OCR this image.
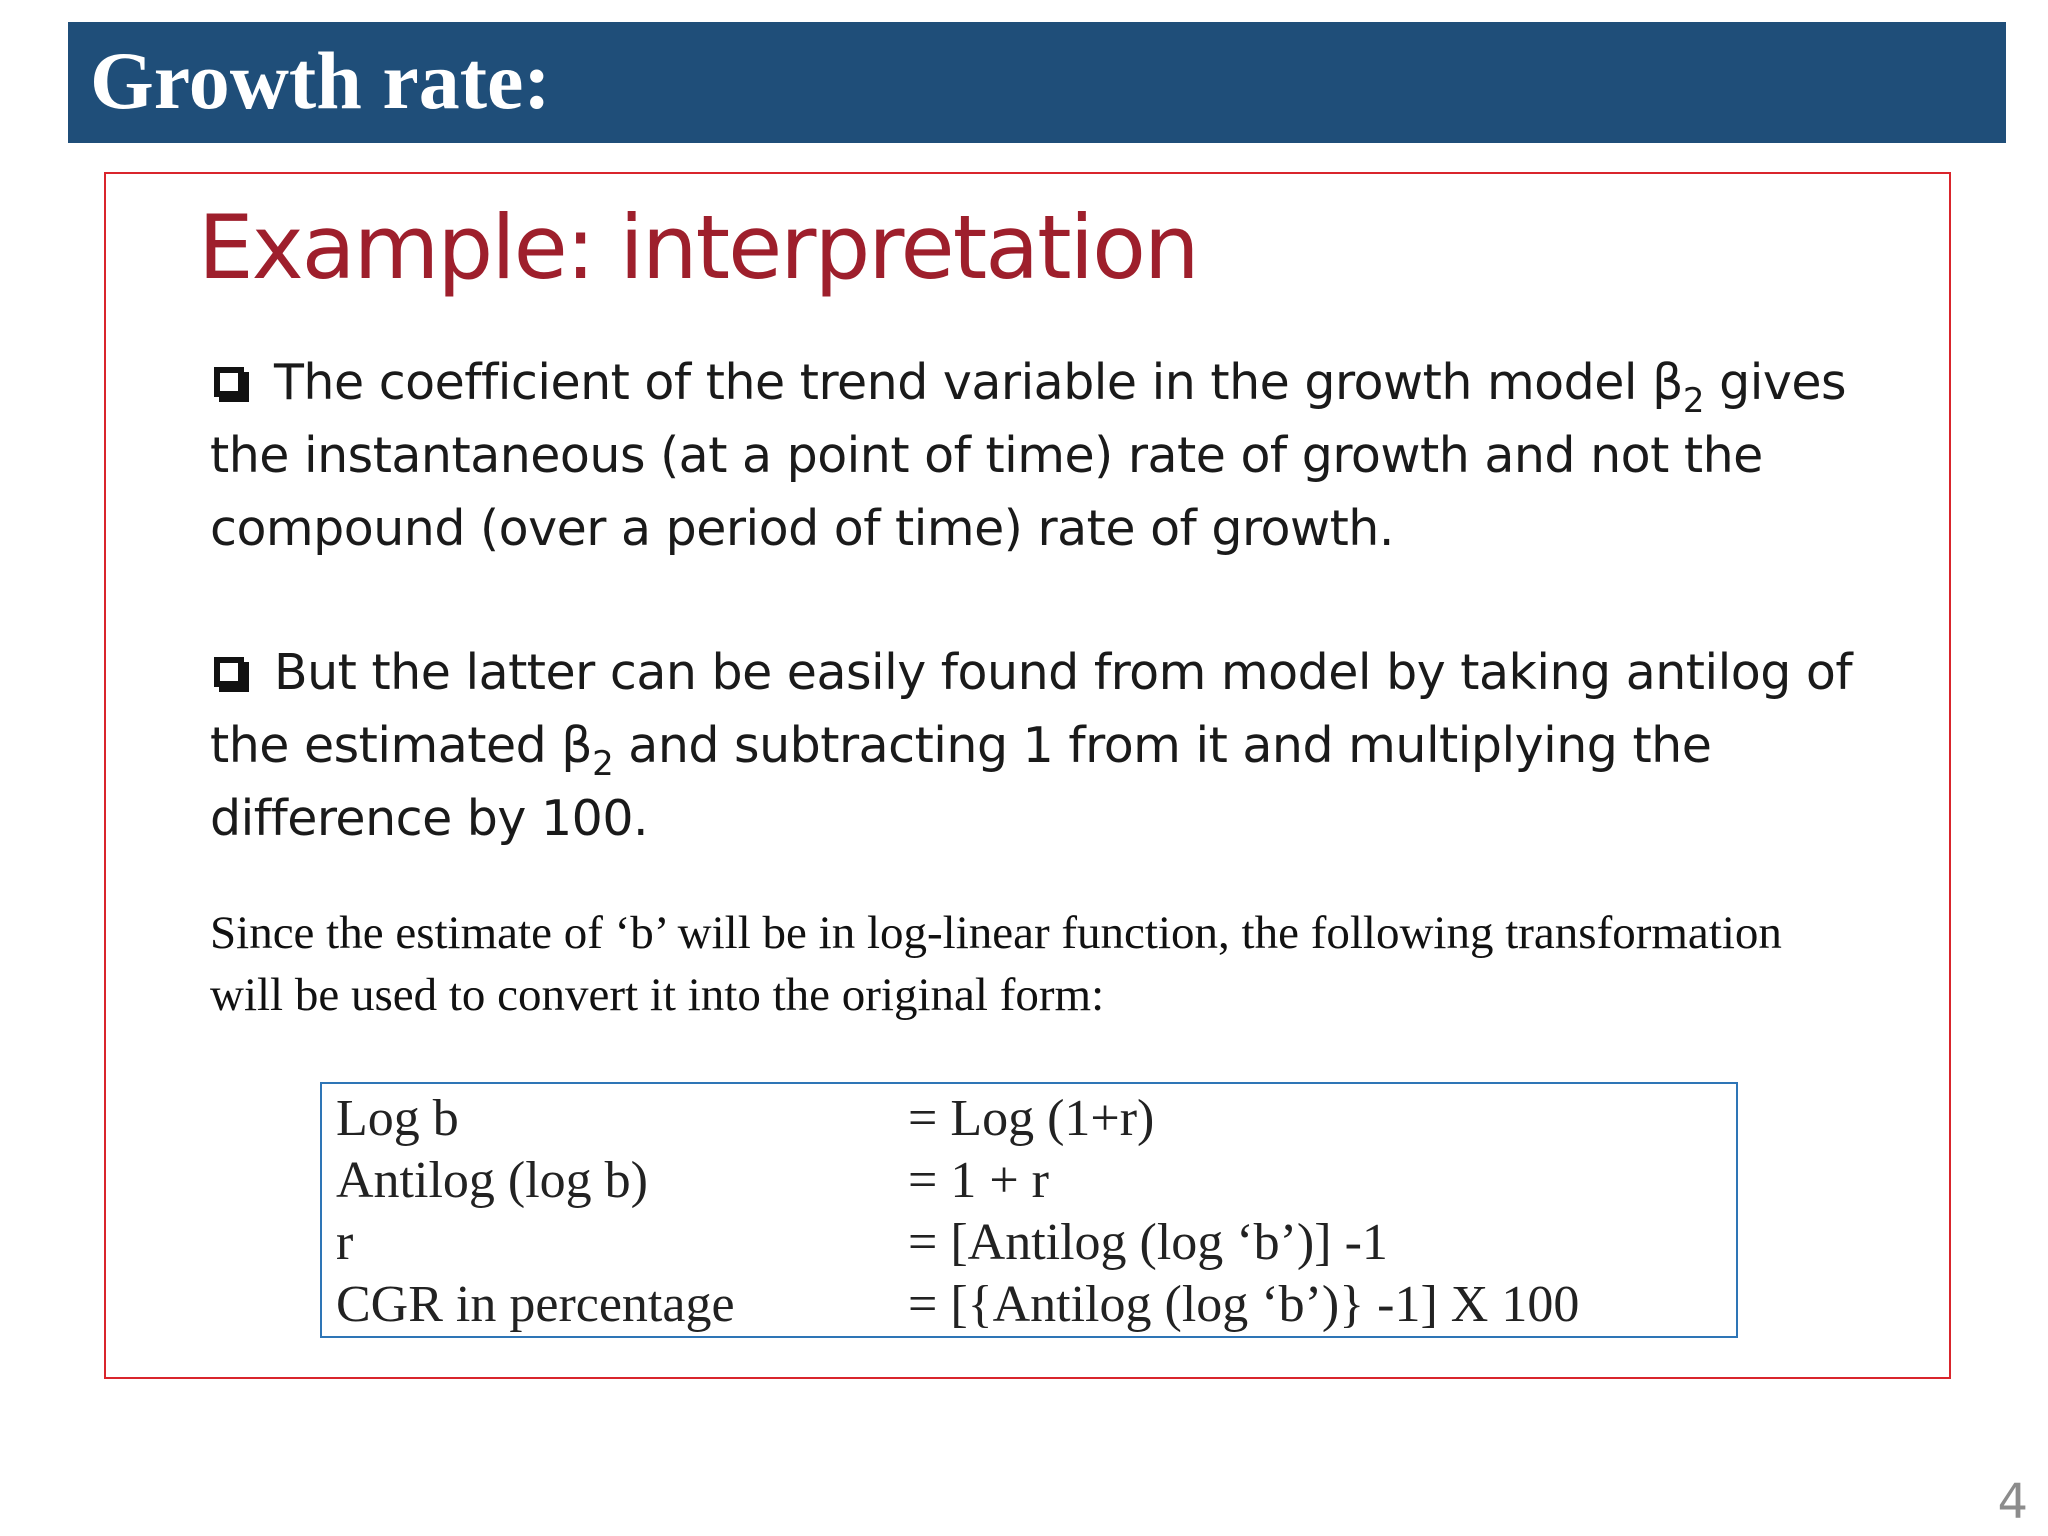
Growth rate:
Example: interpretation

The coefficient of the trend variable in the growth model $\beta_2$ gives the instantaneous (at a point of time) rate of growth and not the compound (over a period of time) rate of growth.

But the latter can be easily found from model by taking antilog of the estimated $\beta_2$ and subtracting 1 from it and multiplying the difference by 100.

Since the estimate of ‘b’ will be in log-linear function, the following transformation will be used to convert it into the original form:

Log b	= Log (1+r)
Antilog (log b)	= 1 + r
r	= [Antilog (log ‘b’)] -1
CGR in percentage	= [{Antilog (log ‘b’)} -1] X 100
4
